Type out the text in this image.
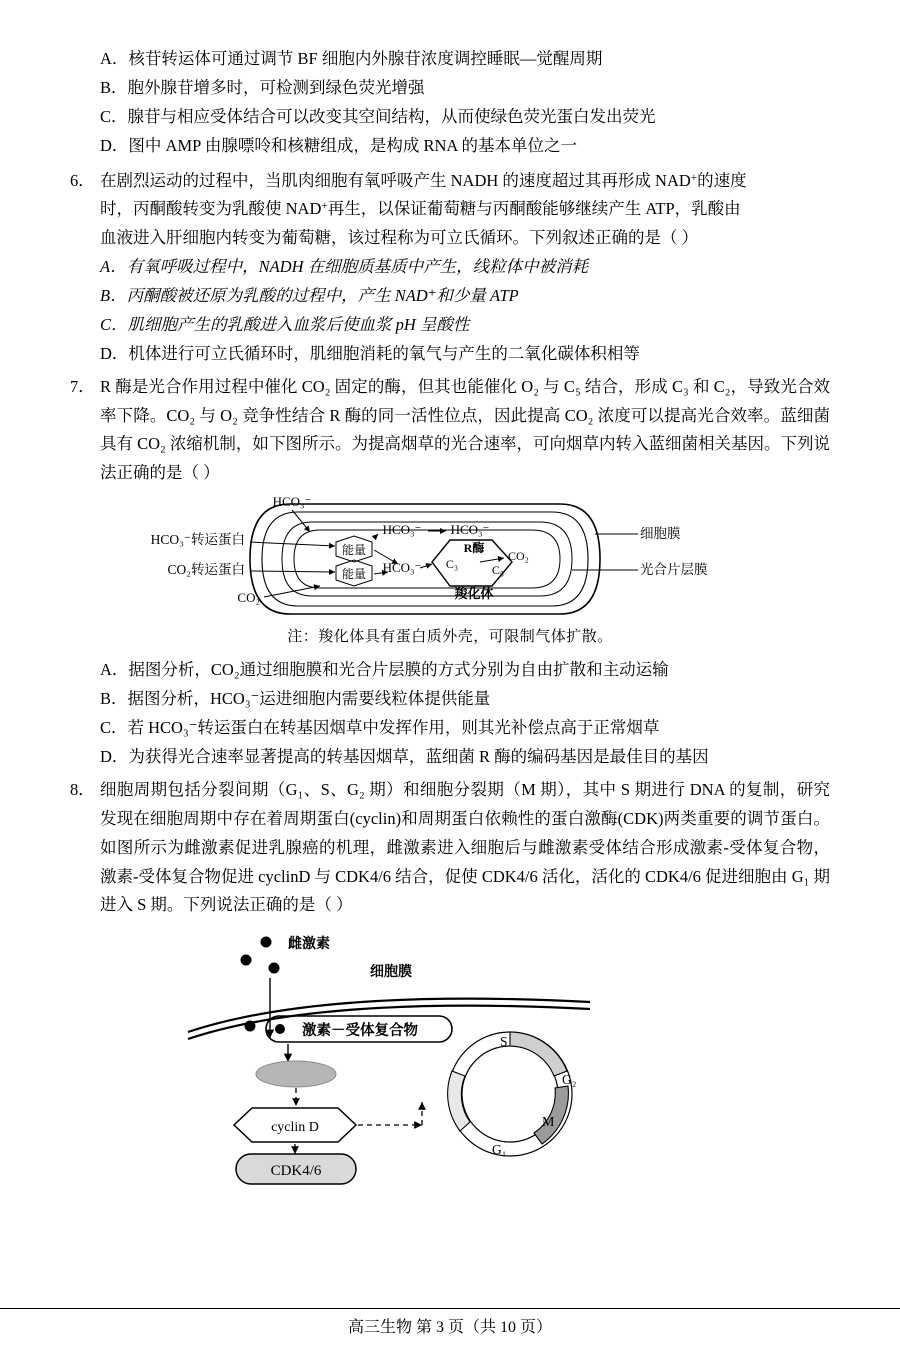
A．核苷转运体可通过调节 BF 细胞内外腺苷浓度调控睡眠—觉醒周期
B．胞外腺苷增多时，可检测到绿色荧光增强
C．腺苷与相应受体结合可以改变其空间结构，从而使绿色荧光蛋白发出荧光
D．图中 AMP 由腺嘌呤和核糖组成，是构成 RNA 的基本单位之一
6． 在剧烈运动的过程中，当肌肉细胞有氧呼吸产生 NADH 的速度超过其再形成 NAD+的速度
时，丙酮酸转变为乳酸使 NAD+再生，以保证葡萄糖与丙酮酸能够继续产生 ATP，乳酸由
血液进入肝细胞内转变为葡萄糖，该过程称为可立氏循环。下列叙述正确的是（ ）
A．有氧呼吸过程中，NADH 在细胞质基质中产生，线粒体中被消耗
B．丙酮酸被还原为乳酸的过程中，产生 NAD⁺和少量 ATP
C．肌细胞产生的乳酸进入血浆后使血浆 pH 呈酸性
D．机体进行可立氏循环时，肌细胞消耗的氧气与产生的二氧化碳体积相等
7． R 酶是光合作用过程中催化 CO₂ 固定的酶，但其也能催化 O₂ 与 C₅ 结合，形成 C₃ 和 C₂，导致光合效率下降。CO₂ 与 O₂ 竞争性结合 R 酶的同一活性位点，因此提高 CO₂ 浓度可以提高光合效率。蓝细菌具有 CO₂ 浓缩机制，如下图所示。为提高烟草的光合速率，可向烟草内转入蓝细菌相关基因。下列说法正确的是（ ）
HCO₃⁻
HCO₃⁻转运蛋白
CO₂转运蛋白
CO₂
能量
能量 HCO₃⁻
HCO₃⁻ HCO₃⁻
R酶
C₃	C₅
CO₂
羧化体
细胞膜
光合片层膜
注：羧化体具有蛋白质外壳，可限制气体扩散。
A．据图分析，CO₂通过细胞膜和光合片层膜的方式分别为自由扩散和主动运输
B．据图分析，HCO₃⁻运进细胞内需要线粒体提供能量
C．若 HCO₃⁻转运蛋白在转基因烟草中发挥作用，则其光补偿点高于正常烟草
D．为获得光合速率显著提高的转基因烟草，蓝细菌 R 酶的编码基因是最佳目的基因
8． 细胞周期包括分裂间期（G₁、S、G₂ 期）和细胞分裂期（M 期），其中 S 期进行 DNA 的复制，研究发现在细胞周期中存在着周期蛋白(cyclin)和周期蛋白依赖性的蛋白激酶(CDK)两类重要的调节蛋白。如图所示为雌激素促进乳腺癌的机理，雌激素进入细胞后与雌激素受体结合形成激素-受体复合物，激素-受体复合物促进 cyclinD 与 CDK4/6 结合，促使 CDK4/6 活化，活化的 CDK4/6 促进细胞由 G₁ 期进入 S 期。下列说法正确的是（ ）
雌激素
细胞膜
激素－受体复合物
cyclin D
CDK4/6
S
G₂
M
G₁
高三生物 第 3 页（共 10 页）
